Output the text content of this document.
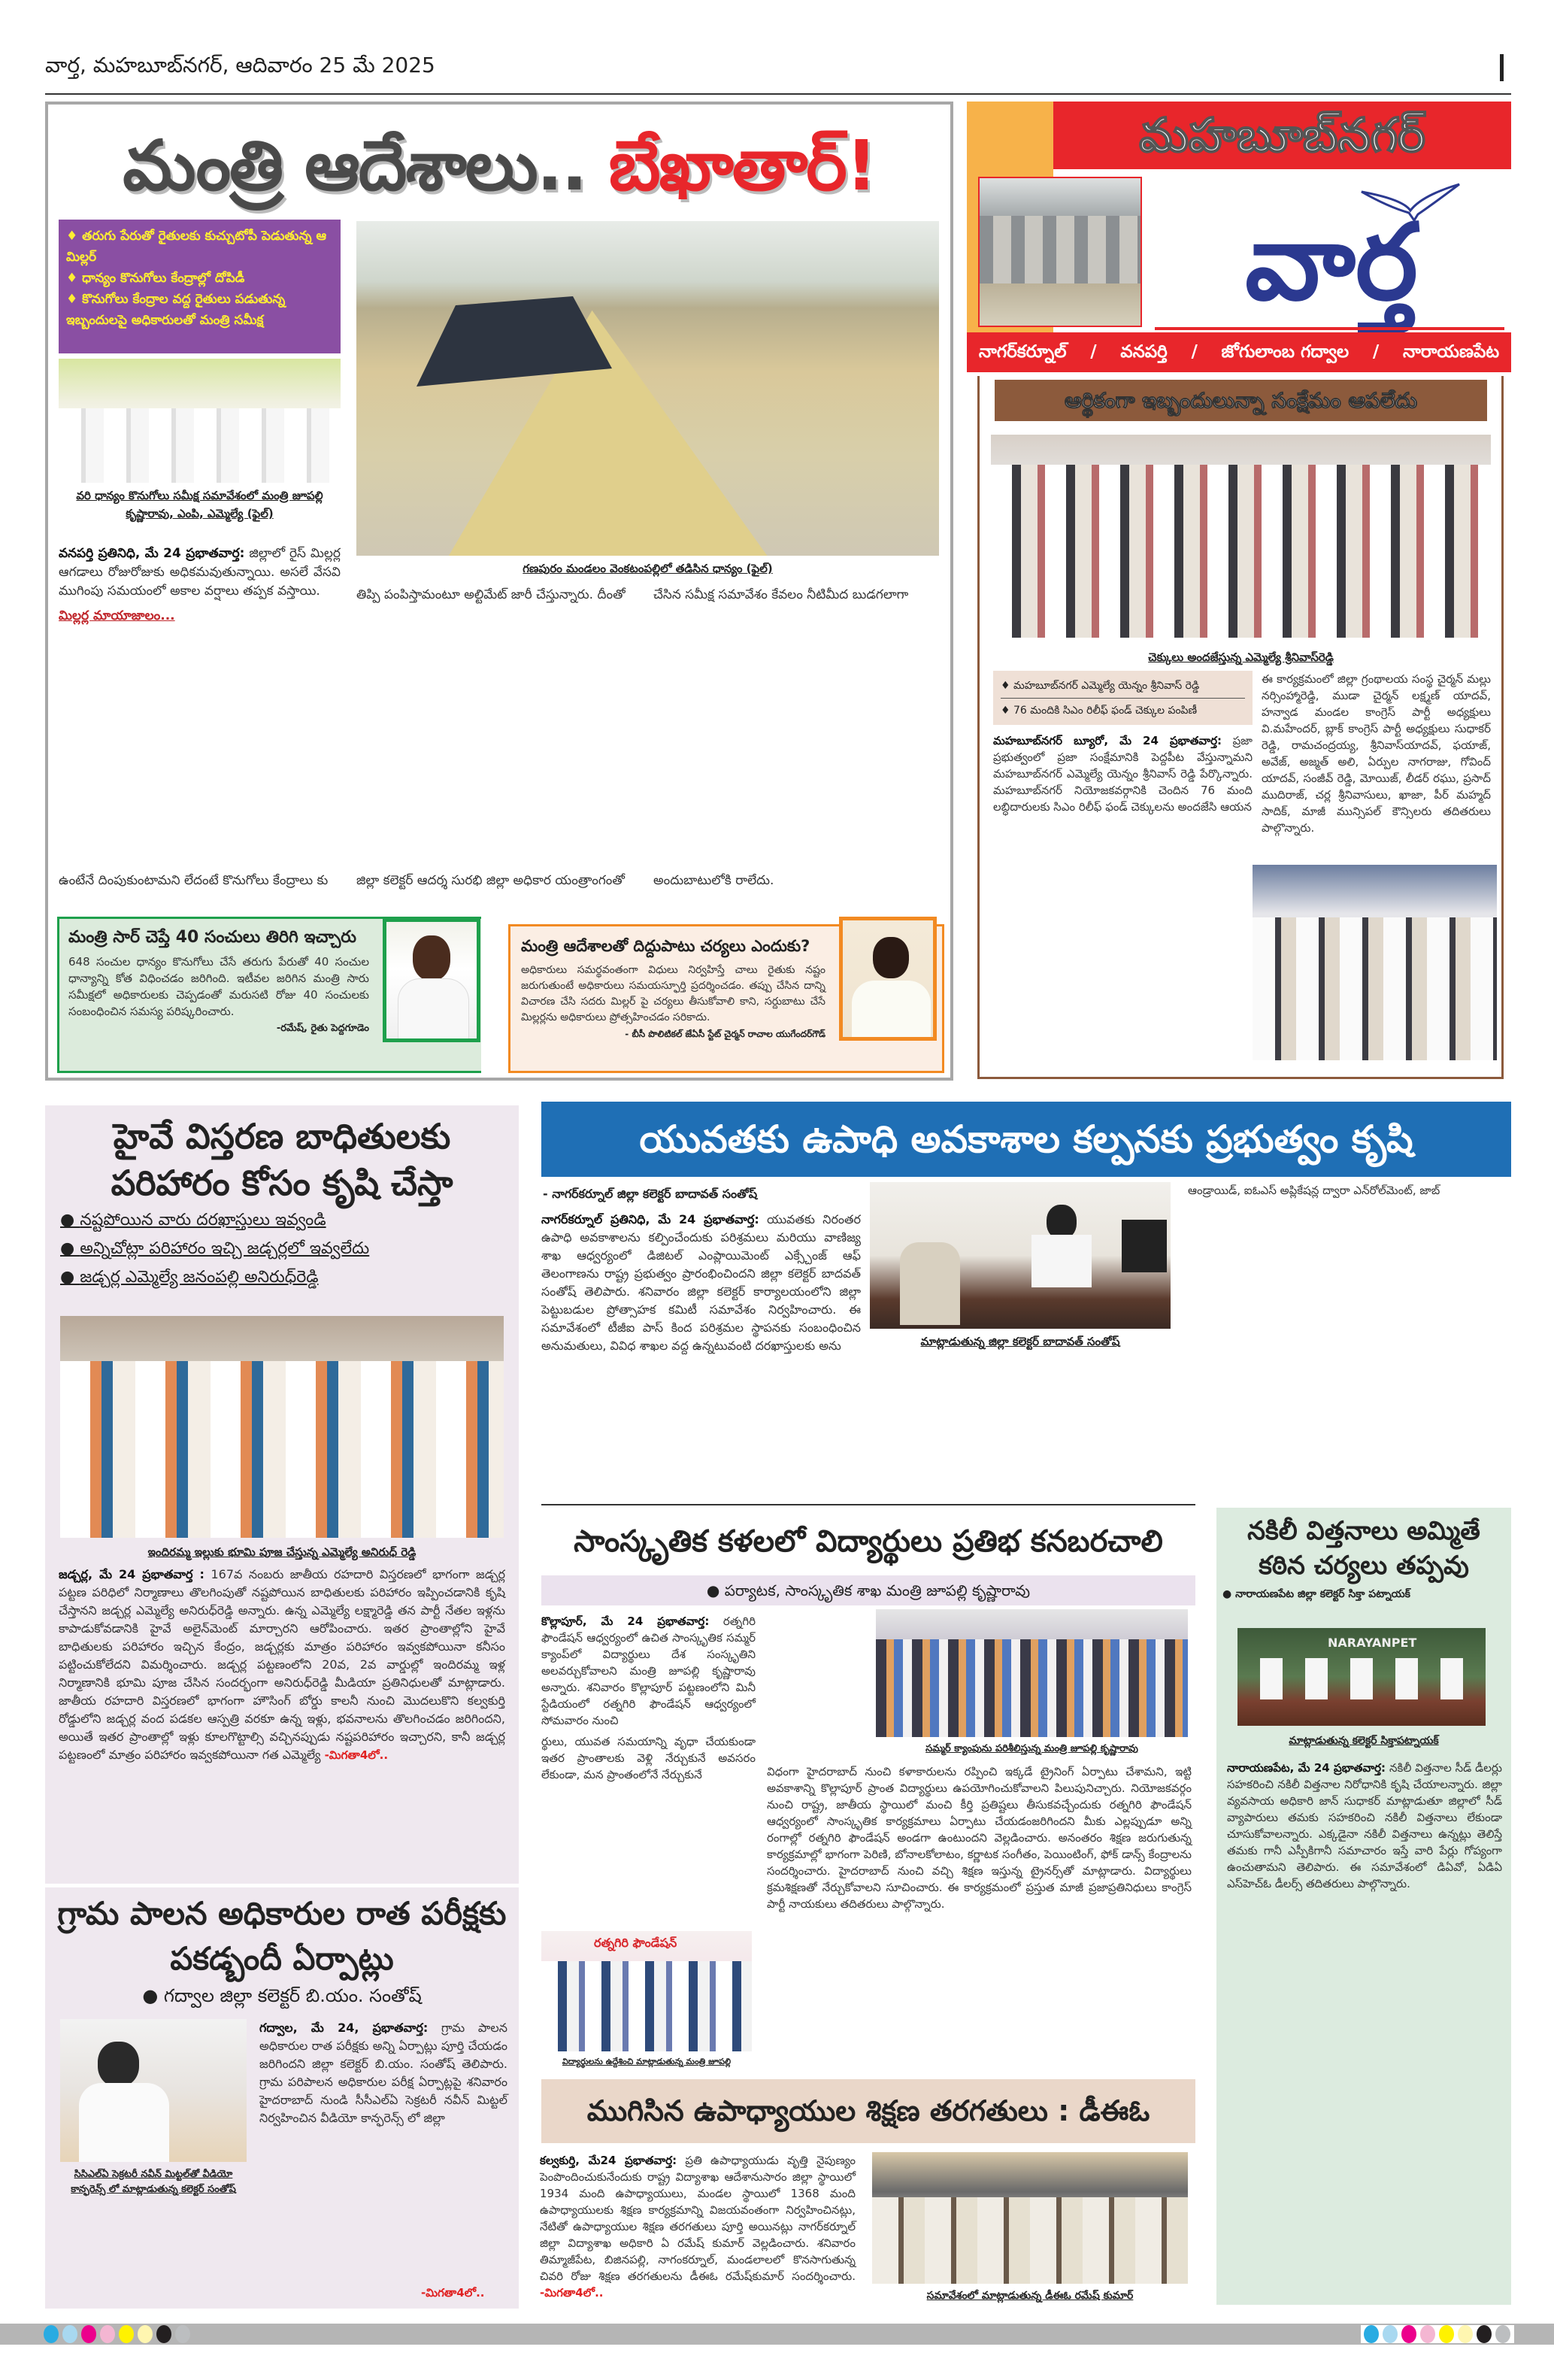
వార్త, మహబూబ్‌నగర్, ఆదివారం 25 మే 2025
మంత్రి ఆదేశాలు.. బేఖాతార్!
♦ తరుగు పేరుతో రైతులకు కుచ్చుటోపీ పెడుతున్న ఆ మిల్లర్
♦ ధాన్యం కొనుగోలు కేంద్రాల్లో దోపిడీ
♦ కొనుగోలు కేంద్రాల వద్ద రైతులు పడుతున్న ఇబ్బందులపై అధికారులతో మంత్రి సమీక్ష
వరి ధాన్యం కొనుగోలు సమీక్ష సమావేశంలో మంత్రి జూపల్లి కృష్ణారావు, ఎంపి, ఎమ్మెల్యే (ఫైల్)
గణపురం మండలం వెంకటంపల్లిలో తడిసిన ధాన్యం (ఫైల్)
వనపర్తి ప్రతినిధి, మే 24 ప్రభాతవార్త: జిల్లాలో రైస్ మిల్లర్ల ఆగడాలు రోజురోజుకు అధికమవుతున్నాయి. అసలే వేసవి ముగింపు సమయంలో అకాల వర్షాలు తప్పక వస్తాయి.
మిల్లర్ల మాయాజాలం...
ఉంటేనే దింపుకుంటామని లేదంటే కొనుగోలు కేంద్రాలు కు
తిప్పి పంపిస్తామంటూ అల్టిమేట్ జారీ చేస్తున్నారు. దీంతో
జిల్లా కలెక్టర్ ఆదర్శ సురభి జిల్లా అధికార యంత్రాంగంతో
చేసిన సమీక్ష సమావేశం కేవలం నీటిమీద బుడగలాగా
అందుబాటులోకి రాలేదు.
మంత్రి సార్ చెప్తే 40 సంచులు తిరిగి ఇచ్చారు
648 సంచుల ధాన్యం కొనుగోలు చేసే తరుగు పేరుతో 40 సంచుల ధాన్యాన్ని కోత విధించడం జరిగింది. ఇటీవల జరిగిన మంత్రి సారు సమీక్షలో అధికారులకు చెప్పడంతో మరుసటి రోజు 40 సంచులకు సంబంధించిన సమస్య పరిష్కరించారు.
-రమేష్, రైతు పెద్దగూడెం
మంత్రి ఆదేశాలతో దిద్దుపాటు చర్యలు ఎందుకు?
అధికారులు సమర్థవంతంగా విధులు నిర్వహిస్తే చాలు రైతుకు నష్టం జరుగుతుంటే అధికారులు సమయస్ఫూర్తి ప్రదర్శించడం. తప్పు చేసిన దాన్ని విచారణ చేసి సదరు మిల్లర్ పై చర్యలు తీసుకోవాలి కాని, సర్దుబాటు చేసే మిల్లర్లను అధికారులు ప్రోత్సహించడం సరికాదు.
- బీసీ పొలిటికల్ జేఏసీ స్టేట్ చైర్మన్ రాచాల యుగేందర్‌గౌడ్
మహబూబ్‌నగర్
వార్త
నాగర్‌కర్నూల్ / వనపర్తి / జోగులాంబ గద్వాల / నారాయణపేట
ఆర్థికంగా ఇబ్బందులున్నా సంక్షేమం ఆపలేదు
చెక్కులు అందజేస్తున్న ఎమ్మెల్యే శ్రీనివాస్‌రెడ్డి
♦ మహబూబ్‌నగర్ ఎమ్మెల్యే యెన్నం శ్రీనివాస్ రెడ్డి
♦ 76 మందికి సిఎం రిలీఫ్ ఫండ్ చెక్కుల పంపిణీ
మహబూబ్‌నగర్ బ్యూరో, మే 24 ప్రభాతవార్త: ప్రజా ప్రభుత్వంలో ప్రజా సంక్షేమానికి పెద్దపీట వేస్తున్నామని మహబూబ్‌నగర్ ఎమ్మెల్యే యెన్నం శ్రీనివాస్ రెడ్డి పేర్కొన్నారు. మహబూబ్‌నగర్ నియోజకవర్గానికి చెందిన 76 మంది లబ్ధిదారులకు సిఎం రిలీఫ్ ఫండ్ చెక్కులను అందజేసి ఆయన
ఈ కార్యక్రమంలో జిల్లా గ్రంథాలయ సంస్థ చైర్మన్ మల్లు నర్సింహ్మారెడ్డి, ముడా చైర్మన్ లక్ష్మణ్ యాదవ్, హన్వాడ మండల కాంగ్రెస్ పార్టీ అధ్యక్షులు వి.మహేందర్, బ్లాక్ కాంగ్రెస్ పార్టీ అధ్యక్షులు సుధాకర్ రెడ్డి, రామచంద్రయ్య, శ్రీనివాస్‌యాదవ్, ఫయాజ్, అవేజ్, అజ్మత్ అలి, ఏర్పుల నాగరాజు, గోవింద్ యాదవ్, సంజీవ్ రెడ్డి, మోయిజ్, లీడర్ రఘు, ప్రసాద్ ముదిరాజ్, చర్ల శ్రీనివాసులు, ఖాజా, పీర్ మహ్మద్ సాదిక్, మాజీ మున్సిపల్ కౌన్సిలరు తదితరులు పాల్గొన్నారు.
హైవే విస్తరణ బాధితులకు పరిహారం కోసం కృషి చేస్తా
● నష్టపోయిన వారు దరఖాస్తులు ఇవ్వండి
● అన్నిచోట్లా పరిహారం ఇచ్చి జడ్చర్లలో ఇవ్వలేదు
● జడ్చర్ల ఎమ్మెల్యే జనంపల్లి అనిరుధ్‌రెడ్డి
ఇందిరమ్మ ఇల్లుకు భూమి పూజ చేస్తున్న ఎమ్మెల్యే అనిరుధ్ రెడ్డి
జడ్చర్ల, మే 24 ప్రభాతవార్త : 167వ నంబరు జాతీయ రహదారి విస్తరణలో భాగంగా జడ్చర్ల పట్టణ పరిధిలో నిర్మాణాలు తొలగింపుతో నష్టపోయిన బాధితులకు పరిహారం ఇప్పించడానికి కృషి చేస్తానని జడ్చర్ల ఎమ్మెల్యే అనిరుధ్‌రెడ్డి అన్నారు. ఉన్న ఎమ్మెల్యే లక్ష్మారెడ్డి తన పార్టీ నేతల ఇళ్లను కాపాడుకోవడానికి హైవే అలైన్‌మెంట్ మార్చారని ఆరోపించారు. ఇతర ప్రాంతాల్లోని హైవే బాధితులకు పరిహారం ఇచ్చిన కేంద్రం, జడ్చర్లకు మాత్రం పరిహారం ఇవ్వకపోయినా కనీసం పట్టించుకోలేదని విమర్శించారు. జడ్చర్ల పట్టణంలోని 20వ, 2వ వార్డుల్లో ఇందిరమ్మ ఇళ్ల నిర్మాణానికి భూమి పూజ చేసిన సందర్భంగా అనిరుధ్‌రెడ్డి మీడియా ప్రతినిధులతో మాట్లాడారు. జాతీయ రహదారి విస్తరణలో భాగంగా హౌసింగ్ బోర్డు కాలనీ నుంచి మొదలుకొని కల్వకుర్తి రోడ్డులోని జడ్చర్ల వంద పడకల ఆస్పత్రి వరకూ ఉన్న ఇళ్లు, భవనాలను తొలగించడం జరిగిందని, అయితే ఇతర ప్రాంతాల్లో ఇళ్లు కూలగొట్టాల్సి వచ్చినప్పుడు నష్టపరిహారం ఇచ్చారని, కానీ జడ్చర్ల పట్టణంలో మాత్రం పరిహారం ఇవ్వకపోయినా గత ఎమ్మెల్యే -మిగతా4లో..
గ్రామ పాలన అధికారుల రాత పరీక్షకు పకడ్బందీ ఏర్పాట్లు
● గద్వాల జిల్లా కలెక్టర్ బి.యం. సంతోష్
సిసిఎల్ఏ సెక్రటరీ నవీన్ మిట్టల్‌తో వీడియో కాన్ఫరెన్స్ లో మాట్లాడుతున్న కలెక్టర్ సంతోష్
గద్వాల, మే 24, ప్రభాతవార్త: గ్రామ పాలన అధికారుల రాత పరీక్షకు అన్ని ఏర్పాట్లు పూర్తి చేయడం జరిగిందని జిల్లా కలెక్టర్ బి.యం. సంతోష్ తెలిపారు. గ్రామ పరిపాలన అధికారుల పరీక్ష ఏర్పాట్లపై శనివారం హైదరాబాద్ నుండి సీసీఎల్ఏ సెక్రటరీ నవీన్ మిట్టల్ నిర్వహించిన వీడియో కాన్ఫరెన్స్ లో జిల్లా
-మిగతా4లో..
యువతకు ఉపాధి అవకాశాల కల్పనకు ప్రభుత్వం కృషి
- నాగర్‌కర్నూల్ జిల్లా కలెక్టర్ బాదావత్ సంతోష్
నాగర్‌కర్నూల్ ప్రతినిధి, మే 24 ప్రభాతవార్త: యువతకు నిరంతర ఉపాధి అవకాశాలను కల్పించేందుకు పరిశ్రమలు మరియు వాణిజ్య శాఖ ఆధ్వర్యంలో డిజిటల్ ఎంప్లాయిమెంట్ ఎక్స్చేంజ్ ఆఫ్ తెలంగాణను రాష్ట్ర ప్రభుత్వం ప్రారంభించిందని జిల్లా కలెక్టర్ బాదవత్ సంతోష్ తెలిపారు. శనివారం జిల్లా కలెక్టర్ కార్యాలయంలోని జిల్లా పెట్టుబడుల ప్రోత్సాహక కమిటీ సమావేశం నిర్వహించారు. ఈ సమావేశంలో టీజీఐ పాస్ కింద పరిశ్రమల స్థాపనకు సంబంధించిన అనుమతులు, వివిధ శాఖల వద్ద ఉన్నటువంటి దరఖాస్తులకు అను	మాట్లాడుతున్న జిల్లా కలెక్టర్ బాదావత్ సంతోష్
ఆండ్రాయిడ్, ఐఓఎస్ అప్లికేషన్ల ద్వారా ఎన్‌రోల్‌మెంట్, జాబ్
సాంస్కృతిక కళలలో విద్యార్థులు ప్రతిభ కనబరచాలి
● పర్యాటక, సాంస్కృతిక శాఖ మంత్రి జూపల్లి కృష్ణారావు
కొల్లాపూర్, మే 24 ప్రభాతవార్త: రత్నగిరి ఫౌండేషన్ ఆధ్వర్యంలో ఉచిత సాంస్కృతిక సమ్మర్ క్యాంప్‌లో విద్యార్థులు దేశ సంస్కృతిని అలవర్చుకోవాలని మంత్రి జూపల్లి కృష్ణారావు అన్నారు. శనివారం కొల్లాపూర్ పట్టణంలోని మినీ స్టేడియంలో రత్నగిరి ఫౌండేషన్ ఆధ్వర్యంలో సోమవారం నుంచి
ర్థులు, యువత సమయాన్ని వృధా చేయకుండా ఇతర ప్రాంతాలకు వెళ్లి నేర్చుకునే అవసరం లేకుండా, మన ప్రాంతంలోనే నేర్చుకునే
సమ్మర్ క్యాంపును పరిశీలిస్తున్న మంత్రి జూపల్లి కృష్ణారావు
రత్నగిరి ఫౌండేషన్
విద్యార్థులను ఉద్దేశించి మాట్లాడుతున్న మంత్రి జూపల్లి
విధంగా హైదరాబాద్ నుంచి కళాకారులను రప్పించి ఇక్కడే ట్రైనింగ్ ఏర్పాటు చేశామని, ఇట్టి అవకాశాన్ని కొల్లాపూర్ ప్రాంత విద్యార్థులు ఉపయోగించుకోవాలని పిలుపునిచ్చారు. నియోజకవర్గం నుంచి రాష్ట్ర, జాతీయ స్థాయిలో మంచి కీర్తి ప్రతిష్టలు తీసుకవచ్చేందుకు రత్నగిరి ఫౌండేషన్ ఆధ్వర్యంలో సాంస్కృతిక కార్యక్రమాలు ఏర్పాటు చేయడంజరిగిందని మీకు ఎల్లప్పుడూ అన్ని రంగాల్లో రత్నగిరి ఫౌండేషన్ అండగా ఉంటుందని వెల్లడించారు. అనంతరం శిక్షణ జరుగుతున్న కార్యక్రమాల్లో భాగంగా పెరిణి, బోనాలకోలాటం, కర్ణాటక సంగీతం, పెయింటింగ్, ఫోక్ డాన్స్ కేంద్రాలను సందర్శించారు. హైదరాబాద్ నుంచి వచ్చి శిక్షణ ఇస్తున్న ట్రైనర్స్‌తో మాట్లాడారు. విద్యార్థులు క్రమశిక్షణతో నేర్చుకోవాలని సూచించారు. ఈ కార్యక్రమంలో ప్రస్తుత మాజీ ప్రజాప్రతినిధులు కాంగ్రెస్ పార్టీ నాయకులు తదితరులు పాల్గొన్నారు.
నకిలీ విత్తనాలు అమ్మితే కఠిన చర్యలు తప్పవు
● నారాయణపేట జిల్లా కలెక్టర్ సిక్తా పట్నాయక్
NARAYANPET
మాట్లాడుతున్న కలెక్టర్ సిక్తాపట్నాయక్
నారాయణపేట, మే 24 ప్రభాతవార్త: నకిలీ విత్తనాల సీడ్ డీలర్లు సహకరించి నకిలీ విత్తనాల నిరోధానికి కృషి చేయాలన్నారు. జిల్లా వ్యవసాయ అధికారి జాన్ సుధాకర్ మాట్లాడుతూ జిల్లాలో సీడ్ వ్యాపారులు తమకు సహకరించి నకిలీ విత్తనాలు లేకుండా చూసుకోవాలన్నారు. ఎక్కడైనా నకిలీ విత్తనాలు ఉన్నట్లు తెలిస్తే తమకు గానీ ఎస్పీకిగానీ సమాచారం ఇస్తే వారి పేర్లు గోప్యంగా ఉంచుతామని తెలిపారు. ఈ సమావేశంలో డిఏవో, ఏడిఏ ఎస్‌హెచ్‌ఓ డీలర్స్ తదితరులు పాల్గొన్నారు.
ముగిసిన ఉపాధ్యాయుల శిక్షణ తరగతులు : డీఈఓ
కల్వకుర్తి, మే24 ప్రభాతవార్త: ప్రతి ఉపాధ్యాయుడు వృత్తి నైపుణ్యం పెంపొందించుకునేందుకు రాష్ట్ర విద్యాశాఖ ఆదేశానుసారం జిల్లా స్థాయిలో 1934 మంది ఉపాధ్యాయులు, మండల స్థాయిలో 1368 మంది ఉపాధ్యాయులకు శిక్షణ కార్యక్రమాన్ని విజయవంతంగా నిర్వహించినట్లు, నేటితో ఉపాధ్యాయుల శిక్షణ తరగతులు పూర్తి అయినట్లు నాగర్‌కర్నూల్ జిల్లా విద్యాశాఖ అధికారి ఏ రమేష్ కుమార్ వెల్లడించారు. శనివారం తిమ్మాజీపేట, బిజినపల్లి, నాగంకర్నూల్, మండలాలలో కొనసాగుతున్న చివరి రోజు శిక్షణ తరగతులను డీఈఓ రమేష్‌కుమార్ సందర్శించారు. -మిగతా4లో..	సమావేశంలో మాట్లాడుతున్న డీఈఓ రమేష్ కుమార్
